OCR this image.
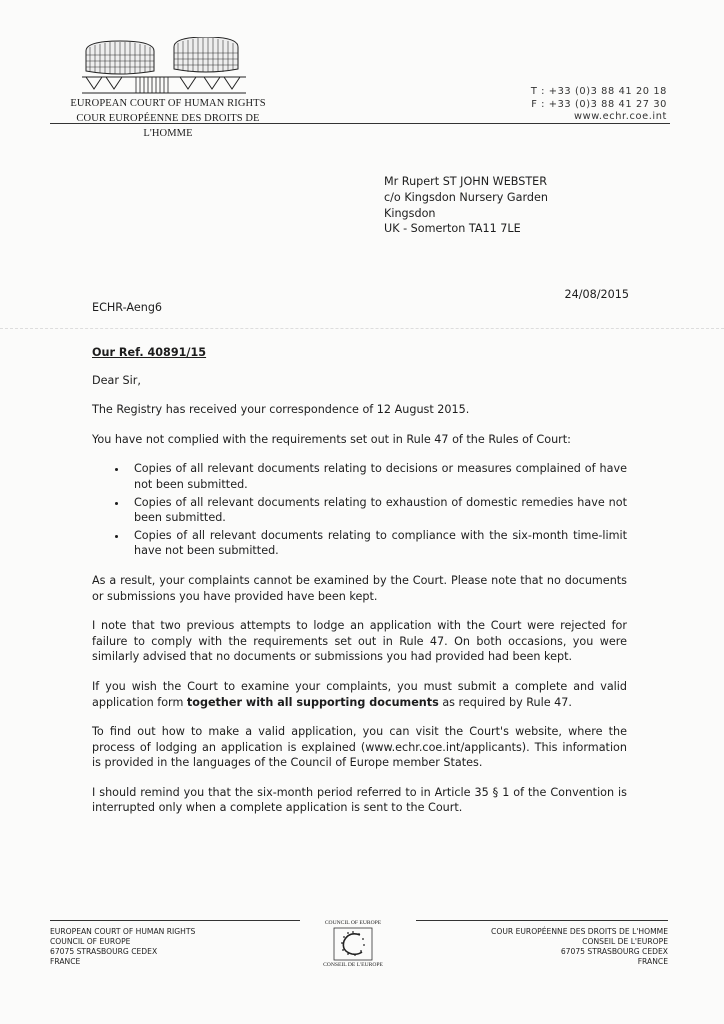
EUROPEAN COURT OF HUMAN RIGHTS
COUR EUROPÉENNE DES DROITS DE L'HOMME
T : +33 (0)3 88 41 20 18
F : +33 (0)3 88 41 27 30
www.echr.coe.int
Mr Rupert ST JOHN WEBSTER
c/o Kingsdon Nursery Garden
Kingsdon
UK - Somerton TA11 7LE
24/08/2015
ECHR-Aeng6

Our Ref. 40891/15

Dear Sir,

The Registry has received your correspondence of 12 August 2015.

You have not complied with the requirements set out in Rule 47 of the Rules of Court:

• Copies of all relevant documents relating to decisions or measures complained of have not been submitted.
• Copies of all relevant documents relating to exhaustion of domestic remedies have not been submitted.
• Copies of all relevant documents relating to compliance with the six-month time-limit have not been submitted.

As a result, your complaints cannot be examined by the Court. Please note that no documents or submissions you have provided have been kept.

I note that two previous attempts to lodge an application with the Court were rejected for failure to comply with the requirements set out in Rule 47. On both occasions, you were similarly advised that no documents or submissions you had provided had been kept.

If you wish the Court to examine your complaints, you must submit a complete and valid application form together with all supporting documents as required by Rule 47.

To find out how to make a valid application, you can visit the Court's website, where the process of lodging an application is explained (www.echr.coe.int/applicants). This information is provided in the languages of the Council of Europe member States.

I should remind you that the six-month period referred to in Article 35 § 1 of the Convention is interrupted only when a complete application is sent to the Court.

EUROPEAN COURT OF HUMAN RIGHTS
COUNCIL OF EUROPE
67075 STRASBOURG CEDEX
FRANCE
COUNCIL OF EUROPE
CONSEIL DE L'EUROPE
COUR EUROPÉENNE DES DROITS DE L'HOMME
CONSEIL DE L'EUROPE
67075 STRASBOURG CEDEX
FRANCE
